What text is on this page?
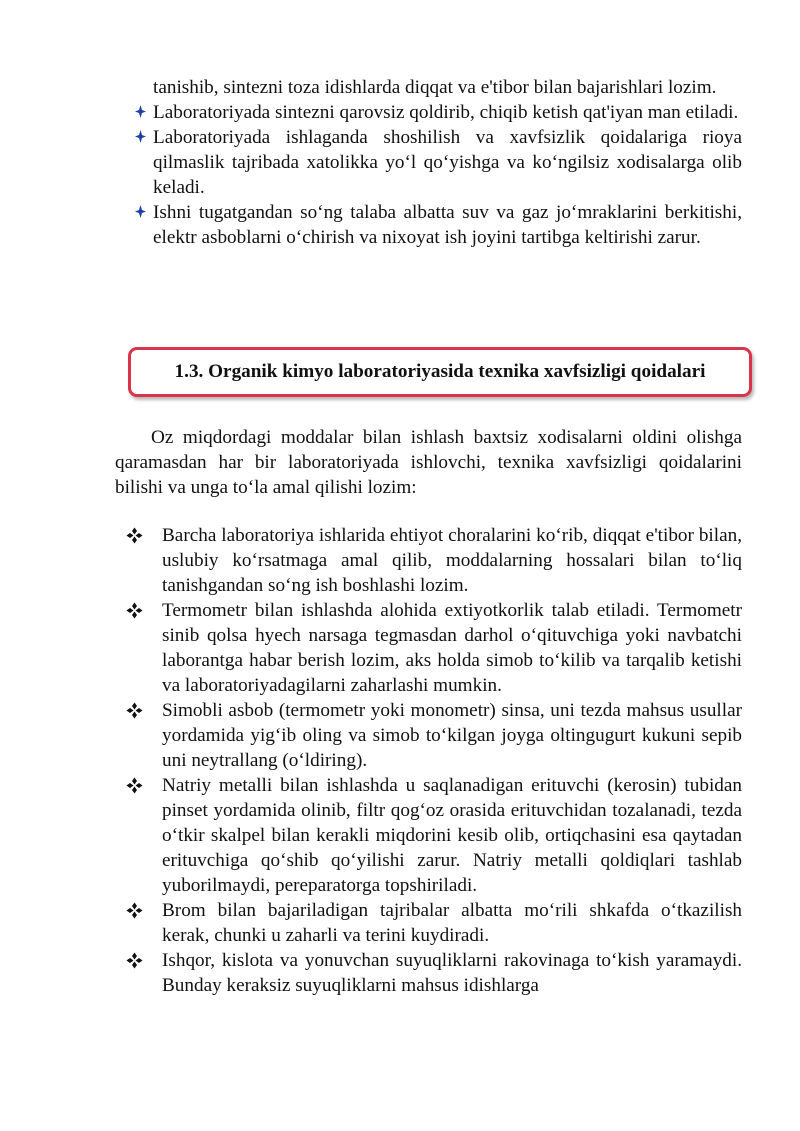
tanishib, sintezni toza idishlarda diqqat va e'tibor bilan bajarishlari lozim.

Laboratoriyada sintezni qarovsiz qoldirib, chiqib ketish qat'iyan man etiladi.

Laboratoriyada ishlaganda shoshilish va xavfsizlik qoidalariga rioya qilmaslik tajribada xatolikka yo‘l qo‘yishga va ko‘ngilsiz xodisalarga olib keladi.

Ishni tugatgandan so‘ng talaba albatta suv va gaz jo‘mraklarini berkitishi, elektr asboblarni o‘chirish va nixoyat ish joyini tartibga keltirishi zarur.

1.3. Organik kimyo laboratoriyasida texnika xavfsizligi qoidalari

Oz miqdordagi moddalar bilan ishlash baxtsiz xodisalarni oldini olishga qaramasdan har bir laboratoriyada ishlovchi, texnika xavfsizligi qoidalarini bilishi va unga to‘la amal qilishi lozim:

Barcha laboratoriya ishlarida ehtiyot choralarini ko‘rib, diqqat e'tibor bilan, uslubiy ko‘rsatmaga amal qilib, moddalarning hossalari bilan to‘liq tanishgandan so‘ng ish boshlashi lozim.

Termometr bilan ishlashda alohida extiyotkorlik talab etiladi. Termometr sinib qolsa hyech narsaga tegmasdan darhol o‘qituvchiga yoki navbatchi laborantga habar berish lozim, aks holda simob to‘kilib va tarqalib ketishi va laboratoriyadagilarni zaharlashi mumkin.

Simobli asbob (termometr yoki monometr) sinsa, uni tezda mahsus usullar yordamida yig‘ib oling va simob to‘kilgan joyga oltingugurt kukuni sepib uni neytrallang (o‘ldiring).

Natriy metalli bilan ishlashda u saqlanadigan erituvchi (kerosin) tubidan pinset yordamida olinib, filtr qog‘oz orasida erituvchidan tozalanadi, tezda o‘tkir skalpel bilan kerakli miqdorini kesib olib, ortiqchasini esa qaytadan erituvchiga qo‘shib qo‘yilishi zarur. Natriy metalli qoldiqlari tashlab yuborilmaydi, pereparatorga topshiriladi.

Brom bilan bajariladigan tajribalar albatta mo‘rili shkafda o‘tkazilish kerak, chunki u zaharli va terini kuydiradi.

Ishqor, kislota va yonuvchan suyuqliklarni rakovinaga to‘kish yaramaydi. Bunday keraksiz suyuqliklarni mahsus idishlarga
